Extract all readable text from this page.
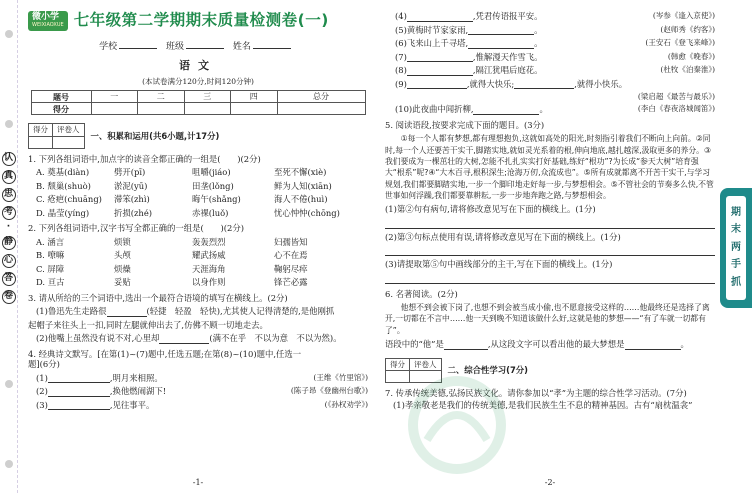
认
真
思
考
·
静
心
答
卷
微小学
WEIXIAOXUE 七年级第二学期期末质量检测卷(一)
学校	班级	姓名
语文
(本试卷满分120分,时间120分钟)
题号	一	二	三	四	总分
得分					
得分	评卷人

一、积累和运用(共6小题,计17分)
1. 下列各组词语中,加点字的读音全都正确的一组是(　　)(2分)
A. 奠基(diàn)	劈开(pī)	咀嚼(jiáo)	至死不懈(xiè)
B. 颓巢(shuò)	淤泥(yū)	田垄(lǒng)	鲜为人知(xiān)
C. 疮疤(chuāng)	滞笨(zhì)	晦午(shǎng)	海人不倦(huì)
D. 晶莹(yíng)	折损(zhé)	赤裸(luǒ)	忧心忡忡(chōng)
2. 下列各组词语中,汉字书写全都正确的一组是(　　)(2分)
A. 涵言	烦锁	轰轰烈烈	妇孺皆知
B. 嘹嘛	头颅	耀武扬威	心不在焉
C. 屏障	烦燥	天涯海角	鞠躬尽瘁
D. 亘古	妥贴	以身作则	锋芒必露
3. 请从所给的三个词语中,选出一个最符合语境的填写在横线上。(2分)
(1)鲁迅先生走路很	(轻捷　轻盈　轻快),尤其使人记得清楚的,是他刚抓
起帽子来往头上一扣,同时左腿就伸出去了,仿佛不顾一切地走去。
(2)他嘴上虽然没有说不对,心里却	(满不在乎　不以为意　不以为然)。
4. 经典诗文默写。[在第(1)~(7)题中,任选五题;在第(8)~(10)题中,任选一
题](6分)
(1)	,明月来相照。	(王维《竹里馆》)
(2)	,换他燃闹湖下!	(陈子昂《登幽州台歌》)
(3)	,见往事平。	(《孙权劝学》)
-1-
(4)	,凭君传语报平安。	(岑参《逢入京使》)
(5)黄梅时节家家雨,	。	(赵师秀《约客》)
(6)飞来山上千寻塔,	。	(王安石《登飞来峰》)
(7)	,惟解漫天作雪飞。	(韩愈《晚春》)
(8)	,隔江犹唱后庭花。	(杜牧《泊秦淮》)
(9)	,就得大快乐;	,就得小快乐。
(梁启超《最苦与最乐》)
(10)此夜曲中闻折柳,	。	(李白《春夜洛城闻笛》)
5. 阅读语段,按要求完成下面的题目。(3分)
①每一个人都有梦想,都有理想抱负,这就如高处的阳光,时刻指引着我们不断向上向前。②同时,每一个人还要苦干实干,脚踏实地,就如灵光系着的根,伸向地底,越扎越深,汲取更多的养分。③我们要成为一棵茁壮的大树,怎能不扎扎实实打好基础,练好“根功”?为长成“参天大树”培育强大“根系”呢?④“大木百寻,根积深生;沧海万仞,众流成也”。⑤所有成就都离不开苦干实干,与学习规划,我们都要脚踏实地,一步一个脚印地走好每一步,与梦想相会。⑤不管社会的节奏多么快,不管世事如何浮躁,我们都要靠耕耘,一步一步地奔跑之路,与梦想相会。
(1)第②句有病句,请将修改意见写在下面的横线上。(1分)
(2)第③句标点使用有误,请将修改意见写在下面的横线上。(1分)
(3)请提取第⑤句中画线部分的主干,写在下面的横线上。(1分)
6. 名著阅读。(2分)
他想不到会被下岗了,也想不到会被当成小偷,也不愿意接受这样的……他最终还是选择了离开,一切都在不言中……他一天到晚不知道该做什么好,这就是他的梦想——“有了车就一切都有了”。
语段中的“他”是	,从这段文字可以看出他的最大梦想是	。
得分	评卷人

二、综合性学习(7分)
7. 传承传统美德,弘扬民族文化。请你参加以“孝”为主题的综合性学习活动。(7分)
(1)孝亲敬老是我们的传统美德,是我们民族生生不息的精神基因。古有“扇枕温衾”
-2-
期
末
两
手
抓
